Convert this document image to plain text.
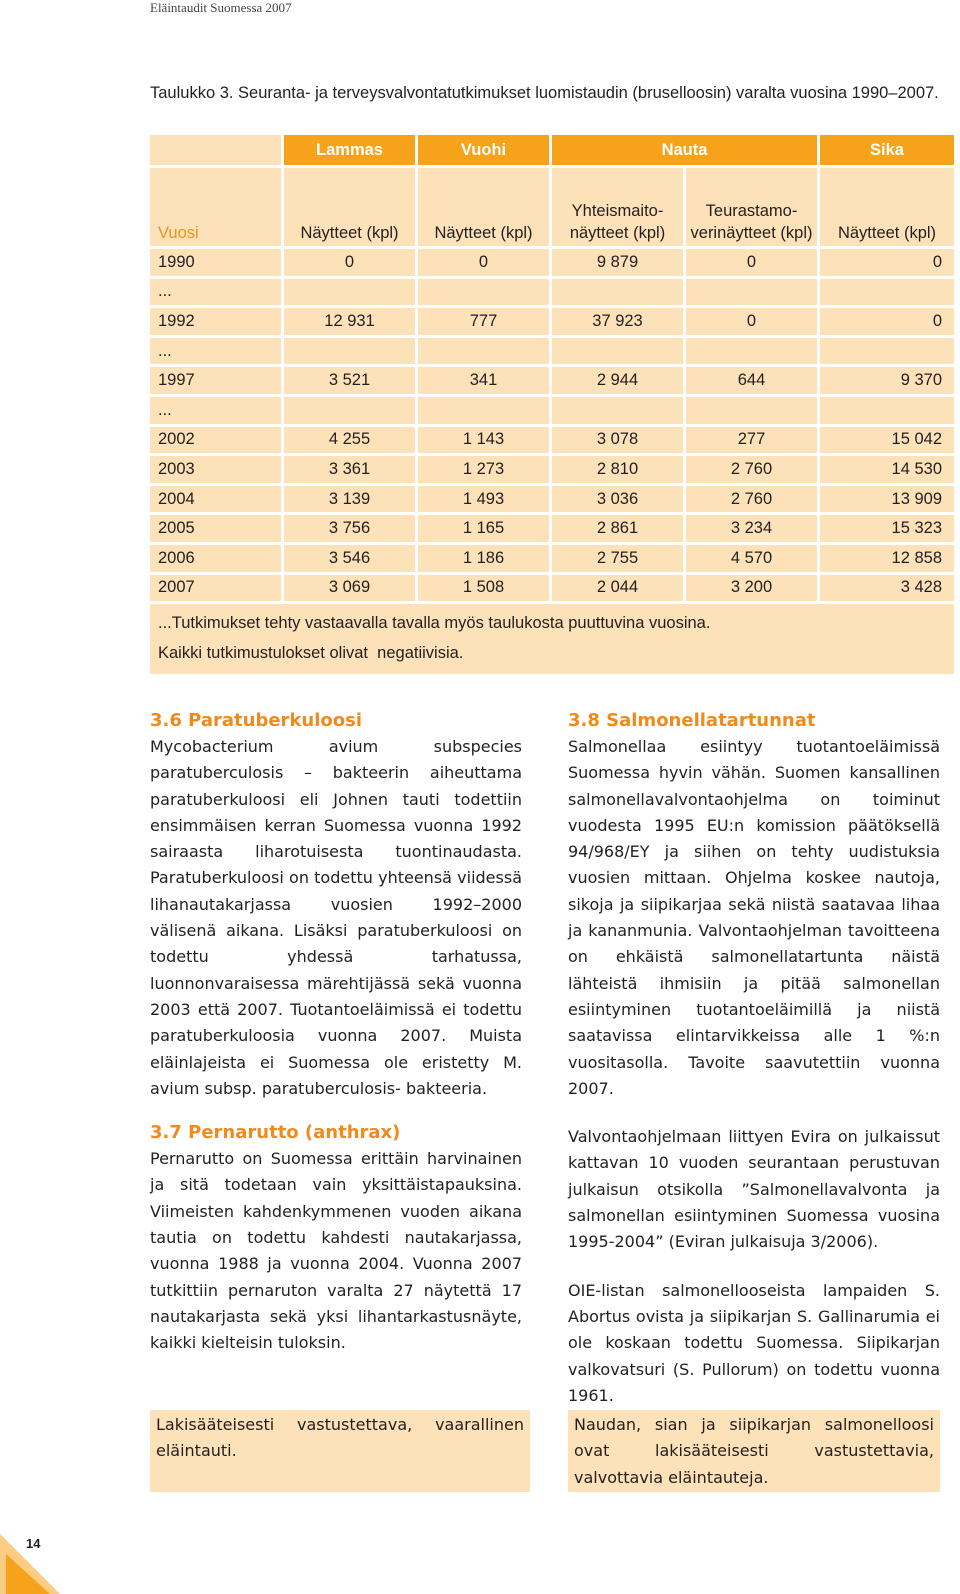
Eläintaudit Suomessa 2007
Taulukko 3. Seuranta- ja terveysvalvontatutkimukset luomistaudin (bruselloosin) varalta vuosina 1990–2007.
	Lammas	Vuohi	Nauta		Sika
Vuosi	Näytteet (kpl)	Näytteet (kpl)	Yhteismaito- näytteet (kpl)	Teurastamo- verinäytteet (kpl)	Näytteet (kpl)
1990	0	0	9 879	0	0
...					
1992	12 931	777	37 923	0	0
...					
1997	3 521	341	2 944	644	9 370
...					
2002	4 255	1 143	3 078	277	15 042
2003	3 361	1 273	2 810	2 760	14 530
2004	3 139	1 493	3 036	2 760	13 909
2005	3 756	1 165	2 861	3 234	15 323
2006	3 546	1 186	2 755	4 570	12 858
2007	3 069	1 508	2 044	3 200	3 428

...Tutkimukset tehty vastaavalla tavalla myös taulukosta puuttuvina vuosina.
Kaikki tutkimustulokset olivat  negatiivisia.					
3.6 Paratuberkuloosi

Mycobacterium avium subspecies paratuberculosis – bakteerin aiheuttama paratuberkuloosi eli Johnen tauti todettiin ensimmäisen kerran Suomessa vuonna 1992 sairaasta liharotuisesta tuontinaudasta. Paratuberkuloosi on todettu yhteensä viidessä lihanautakarjassa vuosien 1992–2000 välisenä aikana. Lisäksi paratuberkuloosi on todettu yhdessä tarhatussa, luonnonvaraisessa märehtijässä sekä vuonna 2003 että 2007. Tuotantoeläimissä ei todettu paratuberkuloosia vuonna 2007. Muista eläinlajeista ei Suomessa ole eristetty M. avium subsp. paratuberculosis- bakteeria.

3.7 Pernarutto (anthrax)

Pernarutto on Suomessa erittäin harvinainen ja sitä todetaan vain yksittäistapauksina. Viimeisten kahdenkymmenen vuoden aikana tautia on todettu kahdesti nautakarjassa, vuonna 1988 ja vuonna 2004. Vuonna 2007 tutkittiin pernaruton varalta 27 näytettä 17 nautakarjasta sekä yksi lihantarkastusnäyte, kaikki kielteisin tuloksin.

3.8 Salmonellatartunnat

Salmonellaa esiintyy tuotantoeläimissä Suomessa hyvin vähän. Suomen kansallinen salmonellavalvontaohjelma on toiminut vuodesta 1995 EU:n komission päätöksellä 94/968/EY ja siihen on tehty uudistuksia vuosien mittaan. Ohjelma koskee nautoja, sikoja ja siipikarjaa sekä niistä saatavaa lihaa ja kananmunia. Valvontaohjelman tavoitteena on ehkäistä salmonellatartunta näistä lähteistä ihmisiin ja pitää salmonellan esiintyminen tuotantoeläimillä ja niistä saatavissa elintarvikkeissa alle 1 %:n vuositasolla. Tavoite saavutettiin vuonna 2007.

Valvontaohjelmaan liittyen Evira on julkaissut kattavan 10 vuoden seurantaan perustuvan julkaisun otsikolla ”Salmonellavalvonta ja salmonellan esiintyminen Suomessa vuosina 1995-2004” (Eviran julkaisuja 3/2006).

OIE-listan salmonellooseista lampaiden S. Abortus ovista ja siipikarjan S. Gallinarumia ei ole koskaan todettu Suomessa. Siipikarjan valkovatsuri (S. Pullorum) on todettu vuonna 1961.

Lakisääteisesti vastustettava, vaarallinen eläintauti.
Naudan, sian ja siipikarjan salmonelloosi ovat lakisääteisesti vastustettavia, valvottavia eläintauteja.
14
